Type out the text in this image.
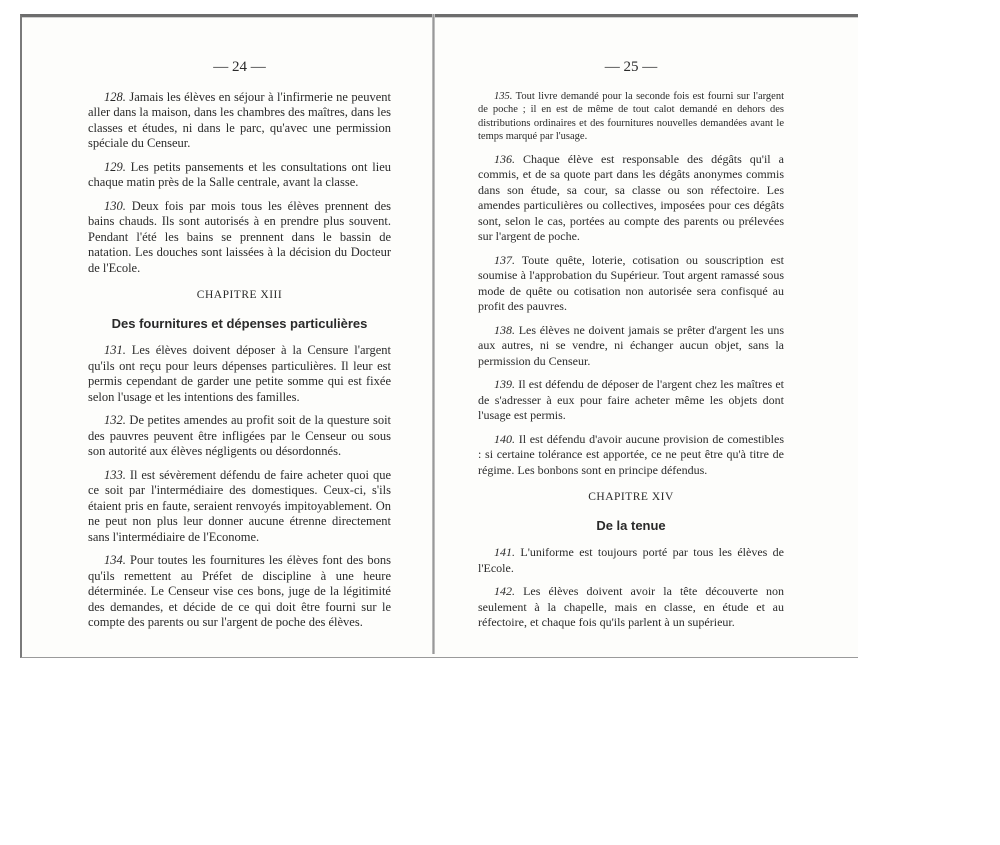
— 24 —

128. Jamais les élèves en séjour à l'infirmerie ne peuvent aller dans la maison, dans les chambres des maîtres, dans les classes et études, ni dans le parc, qu'avec une permission spéciale du Censeur.

129. Les petits pansements et les consultations ont lieu chaque matin près de la Salle centrale, avant la classe.

130. Deux fois par mois tous les élèves prennent des bains chauds. Ils sont autorisés à en prendre plus souvent. Pendant l'été les bains se prennent dans le bassin de natation. Les douches sont laissées à la décision du Docteur de l'Ecole.

CHAPITRE XIII
Des fournitures et dépenses particulières

131. Les élèves doivent déposer à la Censure l'argent qu'ils ont reçu pour leurs dépenses particulières. Il leur est permis cependant de garder une petite somme qui est fixée selon l'usage et les intentions des familles.

132. De petites amendes au profit soit de la questure soit des pauvres peuvent être infligées par le Censeur ou sous son autorité aux élèves négligents ou désordonnés.

133. Il est sévèrement défendu de faire acheter quoi que ce soit par l'intermédiaire des domestiques. Ceux-ci, s'ils étaient pris en faute, seraient renvoyés impitoyablement. On ne peut non plus leur donner aucune étrenne directement sans l'intermédiaire de l'Econome.

134. Pour toutes les fournitures les élèves font des bons qu'ils remettent au Préfet de discipline à une heure déterminée. Le Censeur vise ces bons, juge de la légitimité des demandes, et décide de ce qui doit être fourni sur le compte des parents ou sur l'argent de poche des élèves.

— 25 —

135. Tout livre demandé pour la seconde fois est fourni sur l'argent de poche ; il en est de même de tout calot demandé en dehors des distributions ordinaires et des fournitures nouvelles demandées avant le temps marqué par l'usage.

136. Chaque élève est responsable des dégâts qu'il a commis, et de sa quote part dans les dégâts anonymes commis dans son étude, sa cour, sa classe ou son réfectoire. Les amendes particulières ou collectives, imposées pour ces dégâts sont, selon le cas, portées au compte des parents ou prélevées sur l'argent de poche.

137. Toute quête, loterie, cotisation ou souscription est soumise à l'approbation du Supérieur. Tout argent ramassé sous mode de quête ou cotisation non autorisée sera confisqué au profit des pauvres.

138. Les élèves ne doivent jamais se prêter d'argent les uns aux autres, ni se vendre, ni échanger aucun objet, sans la permission du Censeur.

139. Il est défendu de déposer de l'argent chez les maîtres et de s'adresser à eux pour faire acheter même les objets dont l'usage est permis.

140. Il est défendu d'avoir aucune provision de comestibles : si certaine tolérance est apportée, ce ne peut être qu'à titre de régime. Les bonbons sont en principe défendus.

CHAPITRE XIV
De la tenue

141. L'uniforme est toujours porté par tous les élèves de l'Ecole.

142. Les élèves doivent avoir la tête découverte non seulement à la chapelle, mais en classe, en étude et au réfectoire, et chaque fois qu'ils parlent à un supérieur.
